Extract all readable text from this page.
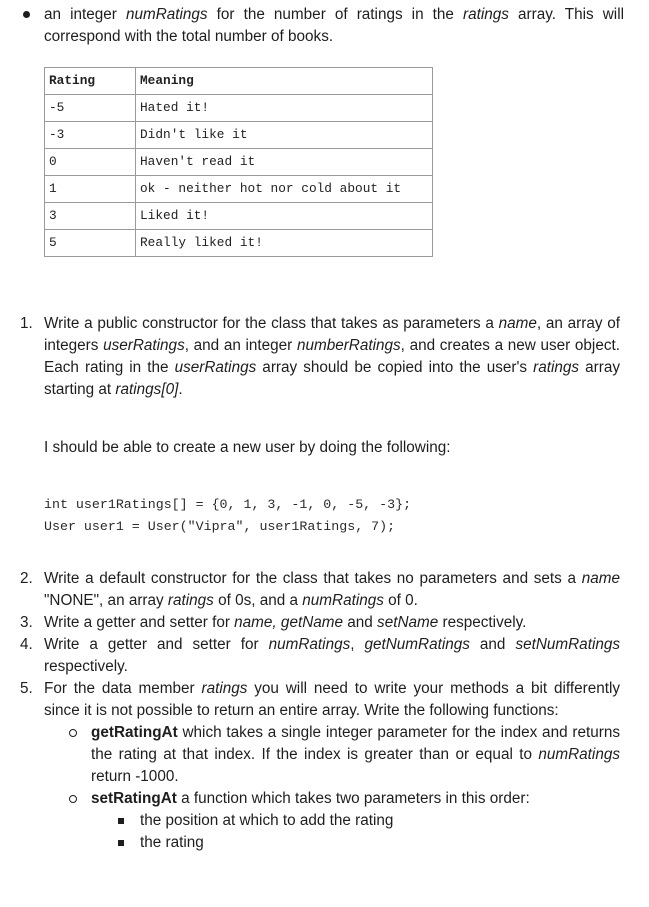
an integer numRatings for the number of ratings in the ratings array. This will correspond with the total number of books.
Rating	Meaning
-5	Hated it!
-3	Didn't like it
0	Haven't read it
1	ok - neither hot nor cold about it
3	Liked it!
5	Really liked it!
1. Write a public constructor for the class that takes as parameters a name, an array of integers userRatings, and an integer numberRatings, and creates a new user object. Each rating in the userRatings array should be copied into the user's ratings array starting at ratings[0].
I should be able to create a new user by doing the following:
int user1Ratings[] = {0, 1, 3, -1, 0, -5, -3};
User user1 = User("Vipra", user1Ratings, 7);
2. Write a default constructor for the class that takes no parameters and sets a name "NONE", an array ratings of 0s, and a numRatings of 0.
3. Write a getter and setter for name, getName and setName respectively.
4. Write a getter and setter for numRatings, getNumRatings and setNumRatings respectively.
5. For the data member ratings you will need to write your methods a bit differently since it is not possible to return an entire array. Write the following functions:
getRatingAt which takes a single integer parameter for the index and returns the rating at that index. If the index is greater than or equal to numRatings return -1000.
setRatingAt a function which takes two parameters in this order:
the position at which to add the rating
the rating
